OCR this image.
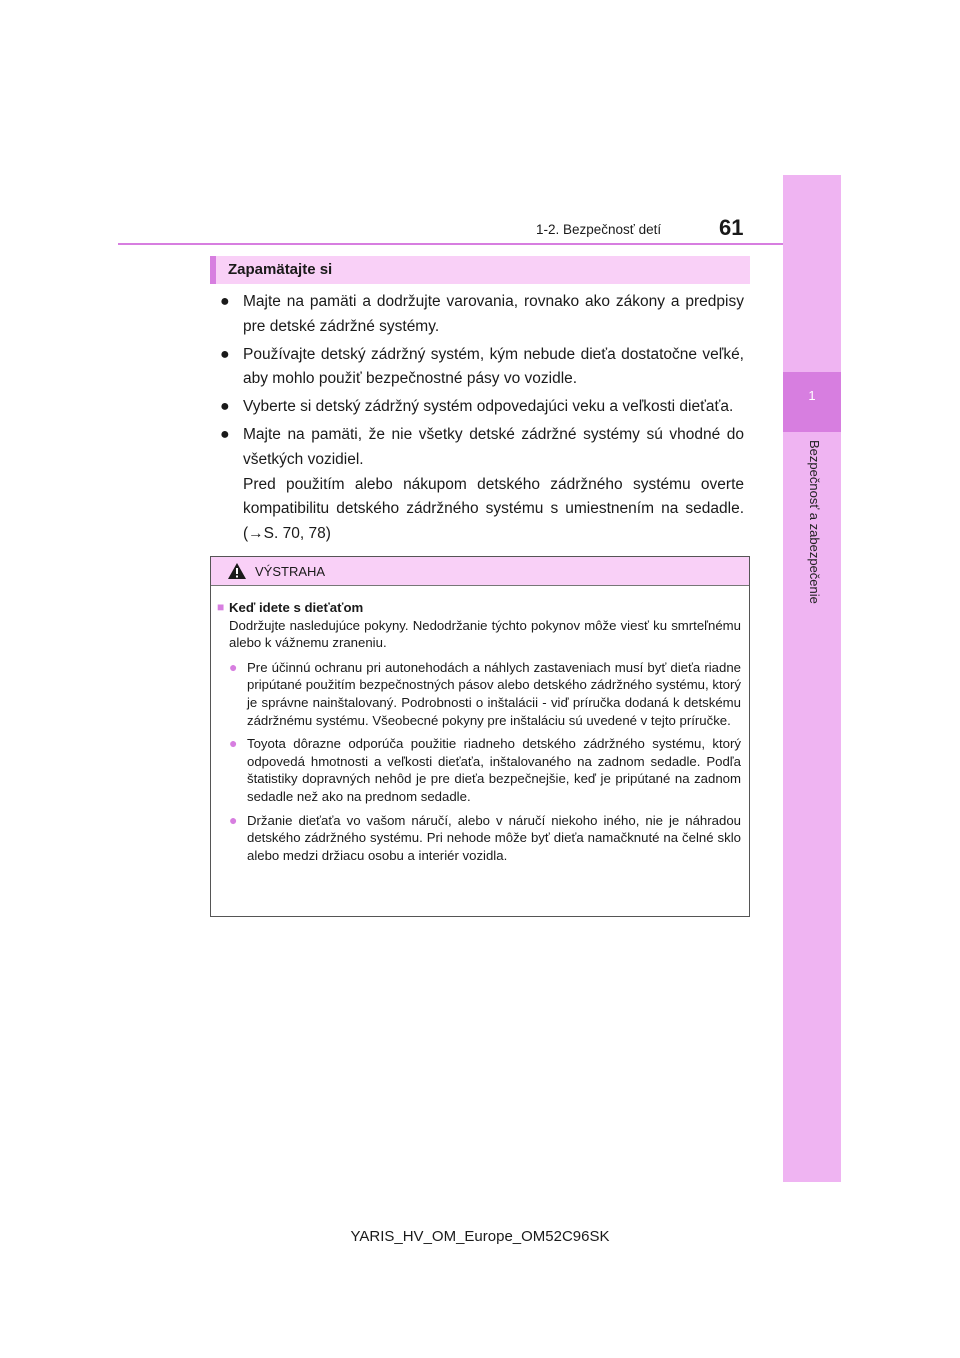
1
Bezpečnosť a zabezpečenie
1-2. Bezpečnosť detí	61
Zapamätajte si
● Majte na pamäti a dodržujte varovania, rovnako ako zákony a predpisy pre detské zádržné systémy.
● Používajte detský zádržný systém, kým nebude dieťa dostatočne veľké, aby mohlo použiť bezpečnostné pásy vo vozidle.
● Vyberte si detský zádržný systém odpovedajúci veku a veľkosti dieťaťa.
● Majte na pamäti, že nie všetky detské zádržné systémy sú vhodné do všetkých vozidiel.
Pred použitím alebo nákupom detského zádržného systému overte kompatibilitu detského zádržného systému s umiestnením na sedadle. (→S. 70, 78)
VÝSTRAHA
■ Keď idete s dieťaťom
Dodržujte nasledujúce pokyny. Nedodržanie týchto pokynov môže viesť ku smrteľnému alebo k vážnemu zraneniu.
● Pre účinnú ochranu pri autonehodách a náhlych zastaveniach musí byť dieťa riadne pripútané použitím bezpečnostných pásov alebo detského zádržného systému, ktorý je správne nainštalovaný. Podrobnosti o inštalácii - viď príručka dodaná k detskému zádržnému systému. Všeobecné pokyny pre inštaláciu sú uvedené v tejto príručke.
● Toyota dôrazne odporúča použitie riadneho detského zádržného systému, ktorý odpovedá hmotnosti a veľkosti dieťaťa, inštalovaného na zadnom sedadle. Podľa štatistiky dopravných nehôd je pre dieťa bezpečnejšie, keď je pripútané na zadnom sedadle než ako na prednom sedadle.
● Držanie dieťaťa vo vašom náručí, alebo v náručí niekoho iného, nie je náhradou detského zádržného systému. Pri nehode môže byť dieťa namačknuté na čelné sklo alebo medzi držiacu osobu a interiér vozidla.
YARIS_HV_OM_Europe_OM52C96SK
